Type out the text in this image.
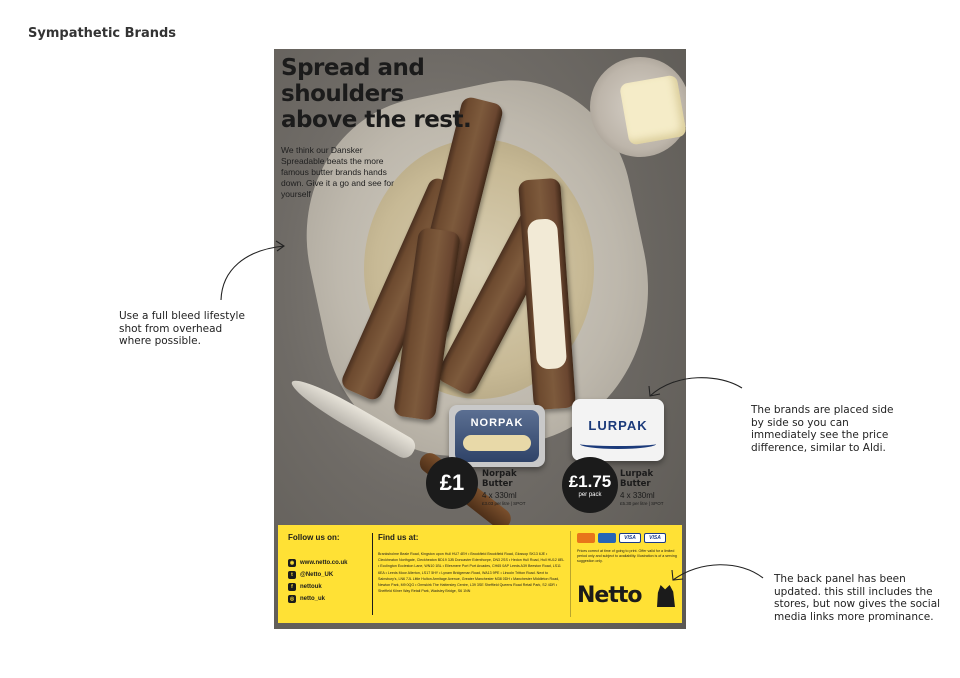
Sympathetic Brands
Spread and
shoulders
above the rest.
We think our Dansker Spreadable beats the more famous butter brands hands down. Give it a go and see for yourself
NORPAK
£1 Norpak
Butter
4 x 330ml
£3.03 per litre | SPOT
LURPAK
£1.75
per pack
Lurpak
Butter
4 x 330ml
£5.30 per litre | SPOT
Follow us on:
◉ www.netto.co.uk
t	@Netto_UK
f	nettouk
◎ netto_uk
Find us at:
Branksholme Beale Road, Kingston upon Hull HU7 4EH • Brookfield Brookfield Road, Glossop SK13 6JE • Cleckheaton Northgate, Cleckheaton BD19 3JB Doncaster Edenthorpe, DN3 2SS • Hedon Hull Road, Hull HU12 8EL • Ecclington Eccleston Lane, WN10 1BL • Ellesmere Port Port Arcades, CH65 0AP Leeds A39 Beeston Road, LS11 6EA • Leeds Moor Allerton, LS17 5HY • Lynam Bridgeman Road, WA13 9PE • Lincoln Tritton Road. Next to Sainsbury's, LN6 7JL Little Hulton Armitage Avenue, Greater Manchester M38 0DH • Manchester Middleton Road, Newton Park, M9 0QG • Ormskirk The Hattersley Centre, L39 3SE Sheffield Queens Road Retail Park, S2 4DR • Sheffield Kilner Way Retail Park, Wadsley Bridge, S6 1NN
VISA	VISA
Prices correct at time of going to print. Offer valid for a limited period only and subject to availability. Illustration is of a serving suggestion only.
Netto
Use a full bleed lifestyle shot from overhead where possible.
The brands are placed side by side so you can immediately see the price difference, similar to Aldi.
The back panel has been updated. this still includes the stores, but now gives the social media links more prominance.
